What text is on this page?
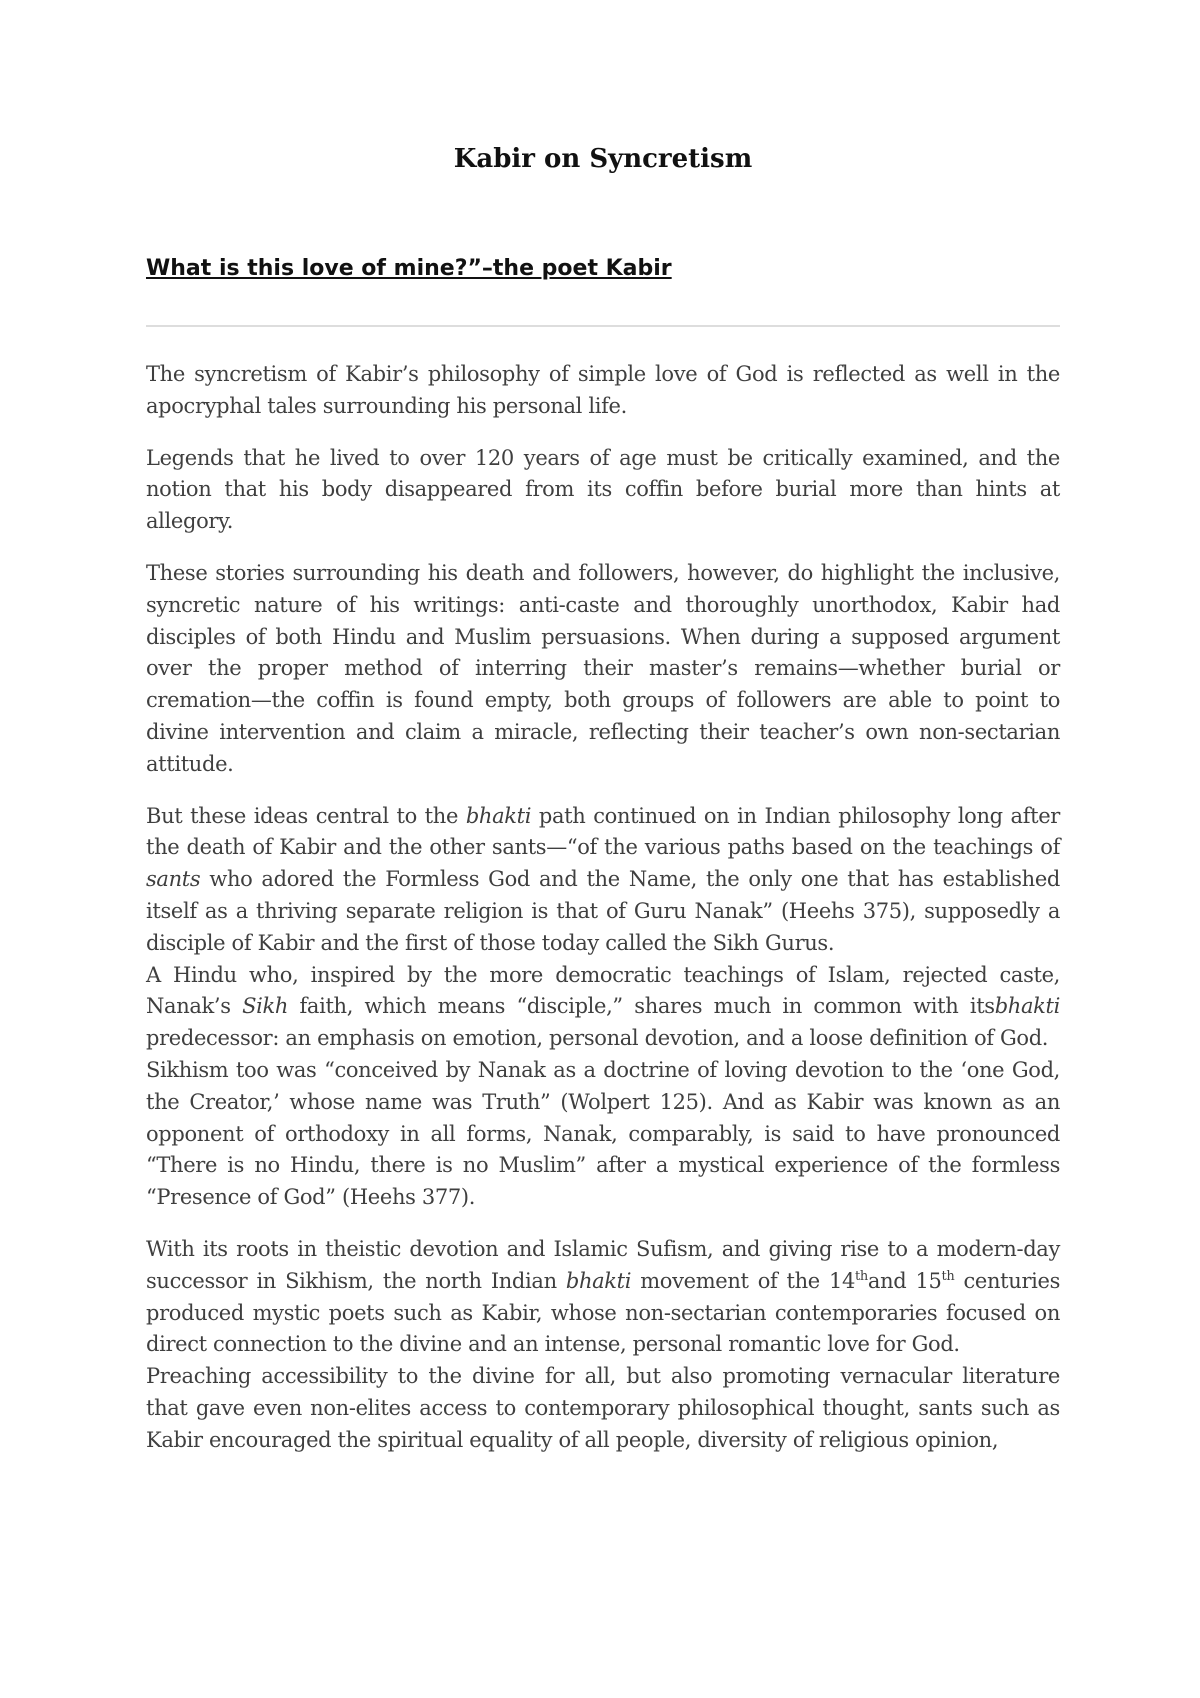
Kabir on Syncretism
What is this love of mine?”–the poet Kabir

The syncretism of Kabir’s philosophy of simple love of God is reflected as well in the apocryphal tales surrounding his personal life.

Legends that he lived to over 120 years of age must be critically examined, and the notion that his body disappeared from its coffin before burial more than hints at allegory.

These stories surrounding his death and followers, however, do highlight the inclusive, syncretic nature of his writings: anti-caste and thoroughly unorthodox, Kabir had disciples of both Hindu and Muslim persuasions. When during a supposed argument over the proper method of interring their master’s remains—whether burial or cremation—the coffin is found empty, both groups of followers are able to point to divine intervention and claim a miracle, reflecting their teacher’s own non-sectarian attitude.

But these ideas central to the bhakti path continued on in Indian philosophy long after the death of Kabir and the other sants—“of the various paths based on the teachings of sants who adored the Formless God and the Name, the only one that has established itself as a thriving separate religion is that of Guru Nanak” (Heehs 375), supposedly a disciple of Kabir and the first of those today called the Sikh Gurus.

A Hindu who, inspired by the more democratic teachings of Islam, rejected caste, Nanak’s Sikh faith, which means “disciple,” shares much in common with itsbhakti predecessor: an emphasis on emotion, personal devotion, and a loose definition of God.

Sikhism too was “conceived by Nanak as a doctrine of loving devotion to the ‘one God, the Creator,’ whose name was Truth” (Wolpert 125). And as Kabir was known as an opponent of orthodoxy in all forms, Nanak, comparably, is said to have pronounced “There is no Hindu, there is no Muslim” after a mystical experience of the formless “Presence of God” (Heehs 377).

With its roots in theistic devotion and Islamic Sufism, and giving rise to a modern-day successor in Sikhism, the north Indian bhakti movement of the 14thand 15th centuries produced mystic poets such as Kabir, whose non-sectarian contemporaries focused on direct connection to the divine and an intense, personal romantic love for God.

Preaching accessibility to the divine for all, but also promoting vernacular literature that gave even non-elites access to contemporary philosophical thought, sants such as Kabir encouraged the spiritual equality of all people, diversity of religious opinion,
